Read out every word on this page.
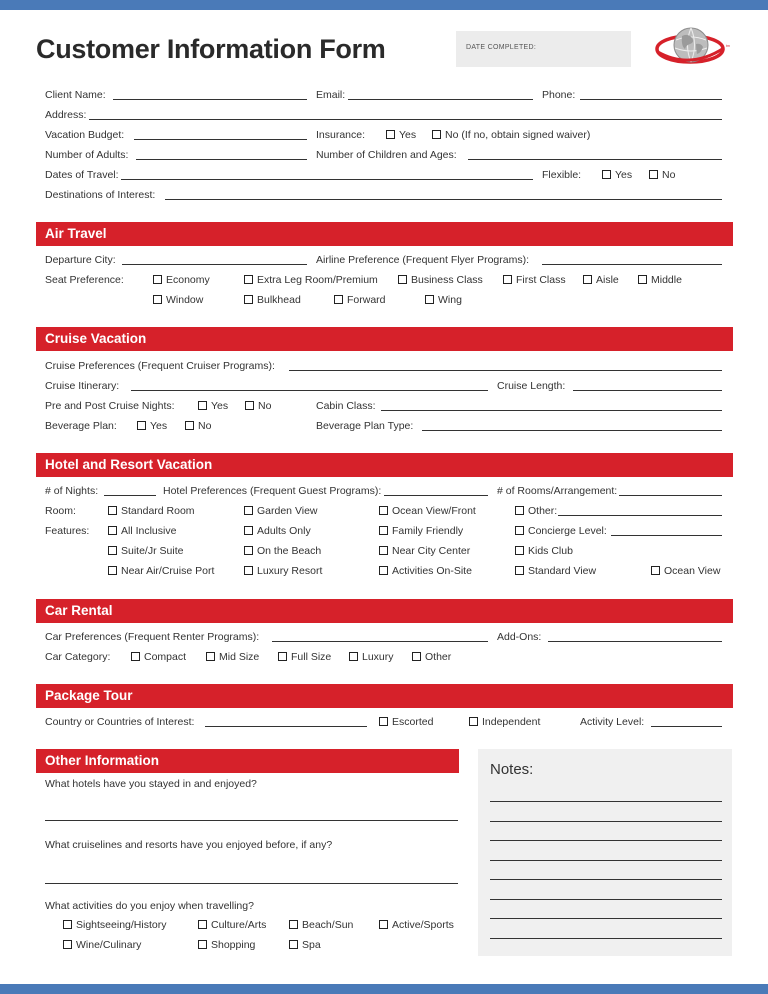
Customer Information Form	DATE COMPLETED:	tm
Client Name:	Email:	Phone:
Address:
Vacation Budget:	Insurance:	Yes	No (If no, obtain signed waiver)
Number of Adults:	Number of Children and Ages:
Dates of Travel:	Flexible:	Yes	No
Destinations of Interest:
Air Travel
Departure City:	Airline Preference (Frequent Flyer Programs):
Seat Preference:	Economy	Extra Leg Room/Premium	Business Class	First Class	Aisle	Middle
Window	Bulkhead	Forward	Wing
Cruise Vacation
Cruise Preferences (Frequent Cruiser Programs):
Cruise Itinerary:	Cruise Length:
Pre and Post Cruise Nights:	Yes	No	Cabin Class:
Beverage Plan:	Yes	No	Beverage Plan Type:
Hotel and Resort Vacation
# of Nights:	Hotel Preferences (Frequent Guest Programs):	# of Rooms/Arrangement:
Room:	Standard Room	Garden View	Ocean View/Front	Other:
Features:	All Inclusive	Adults Only	Family Friendly	Concierge Level:
Suite/Jr Suite	On the Beach	Near City Center	Kids Club
Near Air/Cruise Port	Luxury Resort	Activities On-Site	Standard View	Ocean View
Car Rental
Car Preferences (Frequent Renter Programs):	Add-Ons:
Car Category:	Compact	Mid Size	Full Size	Luxury	Other
Package Tour
Country or Countries of Interest:	Escorted	Independent	Activity Level:
Other Information
What hotels have you stayed in and enjoyed?
What cruiselines and resorts have you enjoyed before, if any?
What activities do you enjoy when travelling?
Sightseeing/History	Culture/Arts	Beach/Sun	Active/Sports
Wine/Culinary	Shopping	Spa
Notes:
